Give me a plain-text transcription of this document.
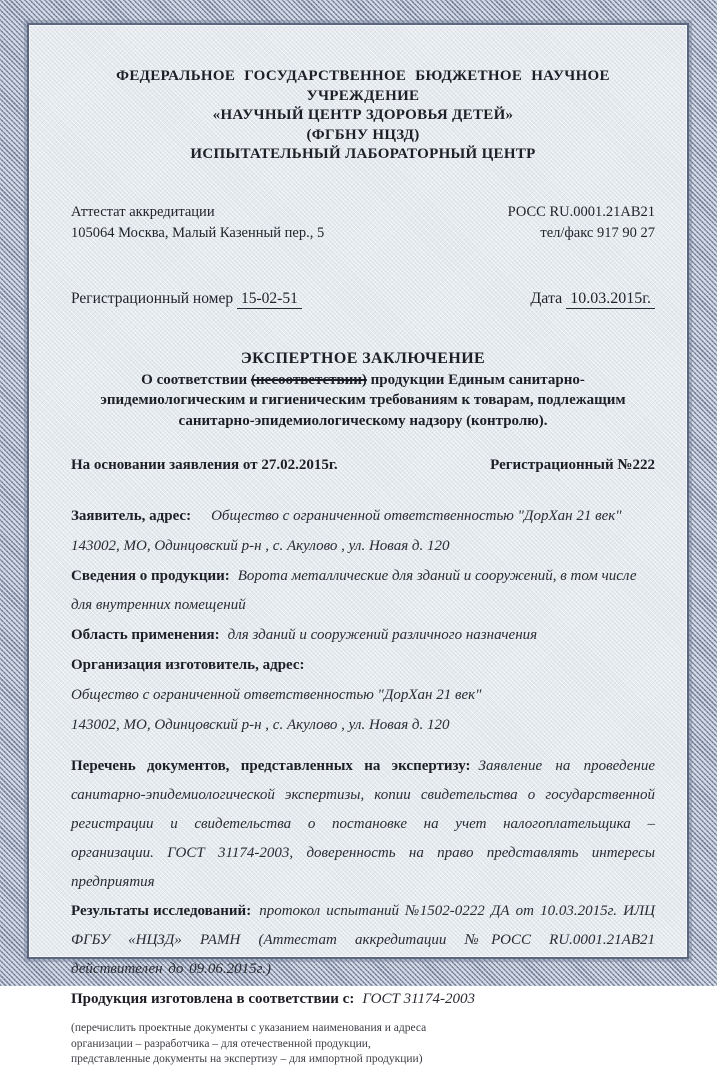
ФЕДЕРАЛЬНОЕ ГОСУДАРСТВЕННОЕ БЮДЖЕТНОЕ НАУЧНОЕ УЧРЕЖДЕНИЕ
«НАУЧНЫЙ ЦЕНТР ЗДОРОВЬЯ ДЕТЕЙ»
(ФГБНУ НЦЗД)
ИСПЫТАТЕЛЬНЫЙ ЛАБОРАТОРНЫЙ ЦЕНТР
Аттестат аккредитации
105064 Москва, Малый Казенный пер., 5
РОСС RU.0001.21АВ21
тел/факс 917 90 27
Регистрационный номер 15-02-51	Дата 10.03.2015г.
ЭКСПЕРТНОЕ ЗАКЛЮЧЕНИЕ
О соответствии (несоответствии) продукции Единым санитарно-
эпидемиологическим и гигиеническим требованиям к товарам, подлежащим
санитарно-эпидемиологическому надзору (контролю).
На основании заявления от 27.02.2015г.	Регистрационный №222
Заявитель, адрес: Общество с ограниченной ответственностью "ДорХан 21 век"
143002, МО, Одинцовский р-н , с. Акулово , ул. Новая д. 120
Сведения о продукции: Ворота металлические для зданий и сооружений, в том числе для внутренних помещений
Область применения: для зданий и сооружений различного назначения
Организация изготовитель, адрес:
Общество с ограниченной ответственностью "ДорХан 21 век"
143002, МО, Одинцовский р-н , с. Акулово , ул. Новая д. 120
Перечень документов, представленных на экспертизу: Заявление на проведение санитарно-эпидемиологической экспертизы, копии свидетельства о государственной регистрации и свидетельства о постановке на учет налогоплательщика – организации. ГОСТ 31174-2003, доверенность на право представлять интересы предприятия
Результаты исследований: протокол испытаний №1502-0222 ДА от 10.03.2015г. ИЛЦ ФГБУ «НЦЗД» РАМН (Аттестат аккредитации №РОСС RU.0001.21АВ21 действителен до 09.06.2015г.)
Продукция изготовлена в соответствии с: ГОСТ 31174-2003
(перечислить проектные документы с указанием наименования и адреса организации – разработчика – для отечественной продукции, представленные документы на экспертизу – для импортной продукции)
